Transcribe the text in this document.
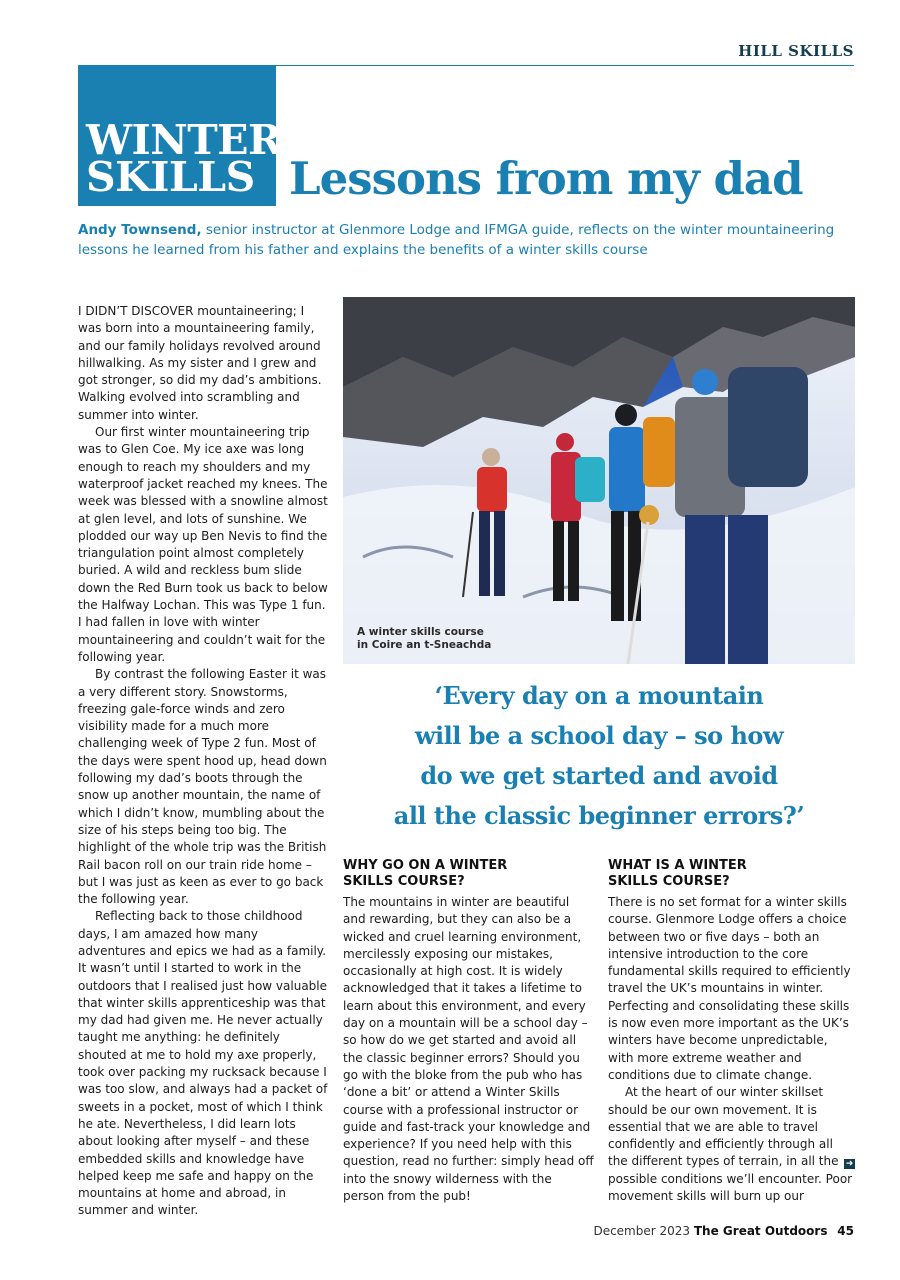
HILL SKILLS
WINTER
SKILLS Lessons from my dad
Andy Townsend, senior instructor at Glenmore Lodge and IFMGA guide, reflects on the winter mountaineering lessons he learned from his father and explains the benefits of a winter skills course

I DIDN’T DISCOVER mountaineering; I was born into a mountaineering family, and our family holidays revolved around hillwalking. As my sister and I grew and got stronger, so did my dad’s ambitions. Walking evolved into scrambling and summer into winter.

Our first winter mountaineering trip was to Glen Coe. My ice axe was long enough to reach my shoulders and my waterproof jacket reached my knees. The week was blessed with a snowline almost at glen level, and lots of sunshine. We plodded our way up Ben Nevis to find the triangulation point almost completely buried. A wild and reckless bum slide down the Red Burn took us back to below the Halfway Lochan. This was Type 1 fun. I had fallen in love with winter mountaineering and couldn’t wait for the following year.

By contrast the following Easter it was a very different story. Snowstorms, freezing gale-force winds and zero visibility made for a much more challenging week of Type 2 fun. Most of the days were spent hood up, head down following my dad’s boots through the snow up another mountain, the name of which I didn’t know, mumbling about the size of his steps being too big. The highlight of the whole trip was the British Rail bacon roll on our train ride home – but I was just as keen as ever to go back the following year.

Reflecting back to those childhood days, I am amazed how many adventures and epics we had as a family. It wasn’t until I started to work in the outdoors that I realised just how valuable that winter skills apprenticeship was that my dad had given me. He never actually taught me anything: he definitely shouted at me to hold my axe properly, took over packing my rucksack because I was too slow, and always had a packet of sweets in a pocket, most of which I think he ate. Nevertheless, I did learn lots about looking after myself – and these embedded skills and knowledge have helped keep me safe and happy on the mountains at home and abroad, in summer and winter.

A winter skills course
in Coire an t-Sneachda
‘Every day on a mountain
will be a school day – so how
do we get started and avoid
all the classic beginner errors?’
WHY GO ON A WINTER
SKILLS COURSE?

The mountains in winter are beautiful and rewarding, but they can also be a wicked and cruel learning environment, mercilessly exposing our mistakes, occasionally at high cost. It is widely acknowledged that it takes a lifetime to learn about this environment, and every day on a mountain will be a school day – so how do we get started and avoid all the classic beginner errors? Should you go with the bloke from the pub who has ‘done a bit’ or attend a Winter Skills course with a professional instructor or guide and fast-track your knowledge and experience? If you need help with this question, read no further: simply head off into the snowy wilderness with the person from the pub!

WHAT IS A WINTER
SKILLS COURSE?

There is no set format for a winter skills course. Glenmore Lodge offers a choice between two or five days – both an intensive introduction to the core fundamental skills required to efficiently travel the UK’s mountains in winter. Perfecting and consolidating these skills is now even more important as the UK’s winters have become unpredictable, with more extreme weather and conditions due to climate change.

At the heart of our winter skillset should be our own movement. It is essential that we are able to travel confidently and efficiently through all the different types of terrain, in all the possible conditions we’ll encounter. Poor movement skills will burn up our

➜
December 2023 The Great Outdoors 45
